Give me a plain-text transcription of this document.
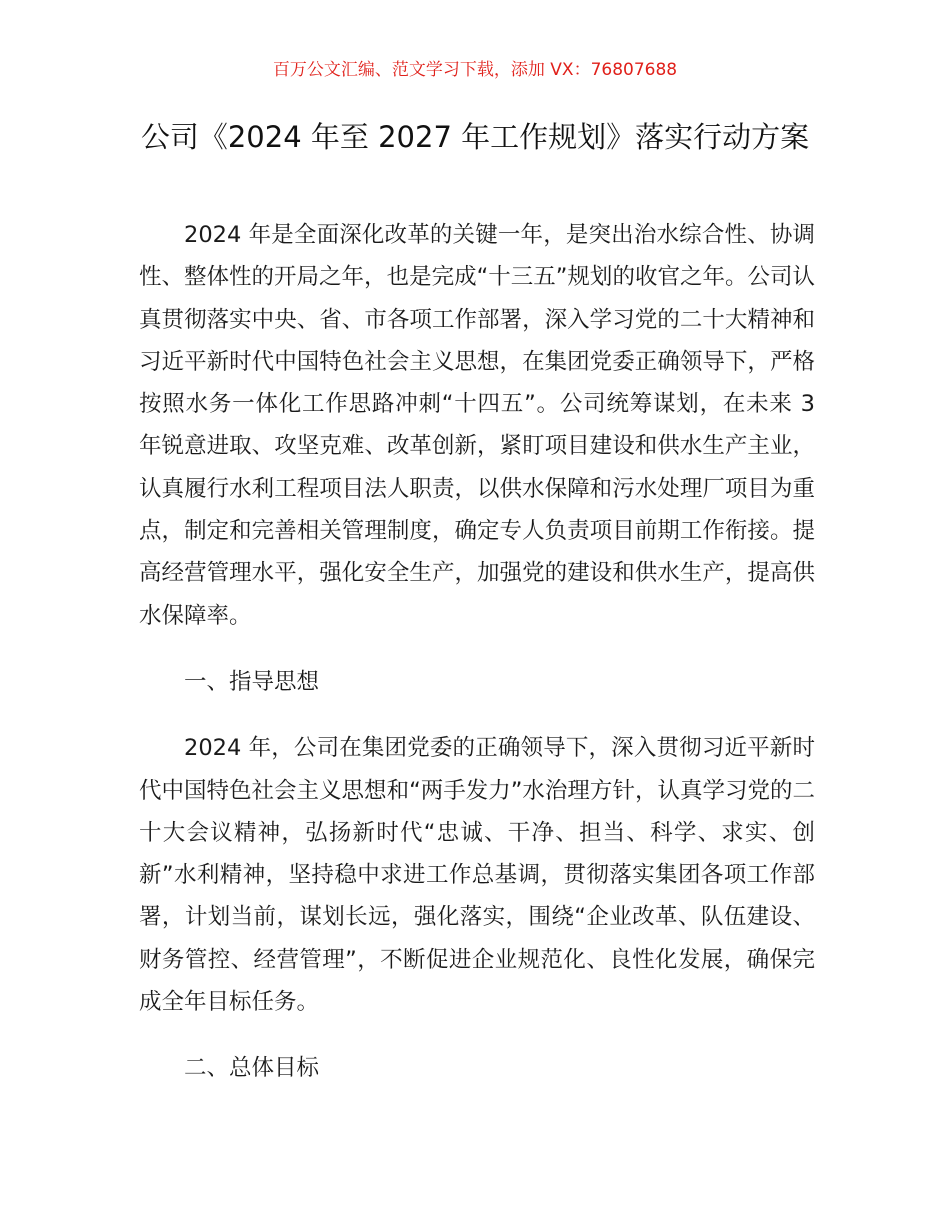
百万公文汇编、范文学习下载，添加 VX：76807688
公司《2024 年至 2027 年工作规划》落实行动方案

2024 年是全面深化改革的关键一年，是突出治水综合性、协调性、整体性的开局之年，也是完成“十三五”规划的收官之年。公司认真贯彻落实中央、省、市各项工作部署，深入学习党的二十大精神和习近平新时代中国特色社会主义思想，在集团党委正确领导下，严格按照水务一体化工作思路冲刺“十四五”。公司统筹谋划，在未来 3 年锐意进取、攻坚克难、改革创新，紧盯项目建设和供水生产主业，认真履行水利工程项目法人职责，以供水保障和污水处理厂项目为重点，制定和完善相关管理制度，确定专人负责项目前期工作衔接。提高经营管理水平，强化安全生产，加强党的建设和供水生产，提高供水保障率。

一、指导思想

2024 年，公司在集团党委的正确领导下，深入贯彻习近平新时代中国特色社会主义思想和“两手发力”水治理方针，认真学习党的二十大会议精神，弘扬新时代“忠诚、干净、担当、科学、求实、创新”水利精神，坚持稳中求进工作总基调，贯彻落实集团各项工作部署，计划当前，谋划长远，强化落实，围绕“企业改革、队伍建设、财务管控、经营管理”，不断促进企业规范化、良性化发展，确保完成全年目标任务。

二、总体目标
